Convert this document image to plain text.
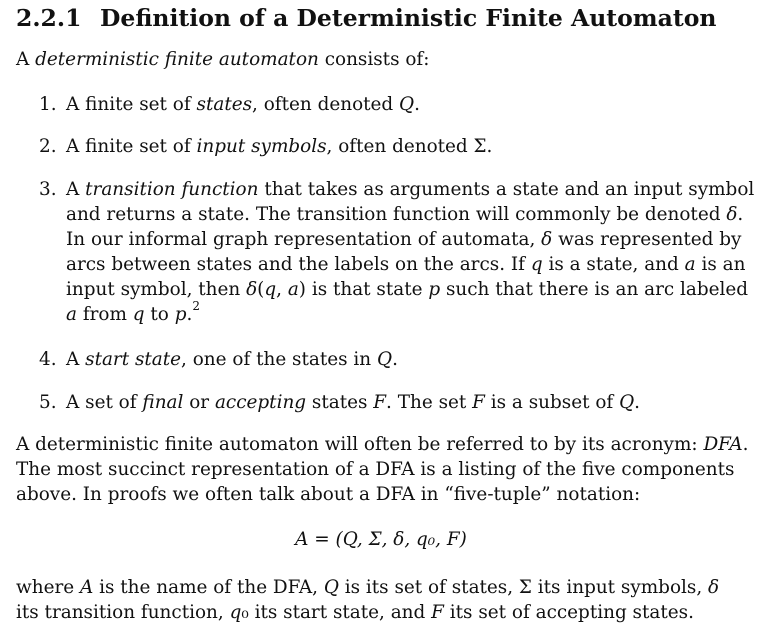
2.2.1 Definition of a Deterministic Finite Automaton

A deterministic finite automaton consists of:

1. A finite set of states, often denoted Q.
2. A finite set of input symbols, often denoted Σ.
3. A transition function that takes as arguments a state and an input symbol
and returns a state. The transition function will commonly be denoted δ.
In our informal graph representation of automata, δ was represented by
arcs between states and the labels on the arcs. If q is a state, and a is an
input symbol, then δ(q, a) is that state p such that there is an arc labeled
a from q to p.$^2$
4. A start state, one of the states in Q.
5. A set of final or accepting states F. The set F is a subset of Q.
A deterministic finite automaton will often be referred to by its acronym: DFA.
The most succinct representation of a DFA is a listing of the five components
above. In proofs we often talk about a DFA in “five-tuple” notation:
A = (Q, Σ, δ, q₀, F)
where A is the name of the DFA, Q is its set of states, Σ its input symbols, δ
its transition function, q₀ its start state, and F its set of accepting states.
